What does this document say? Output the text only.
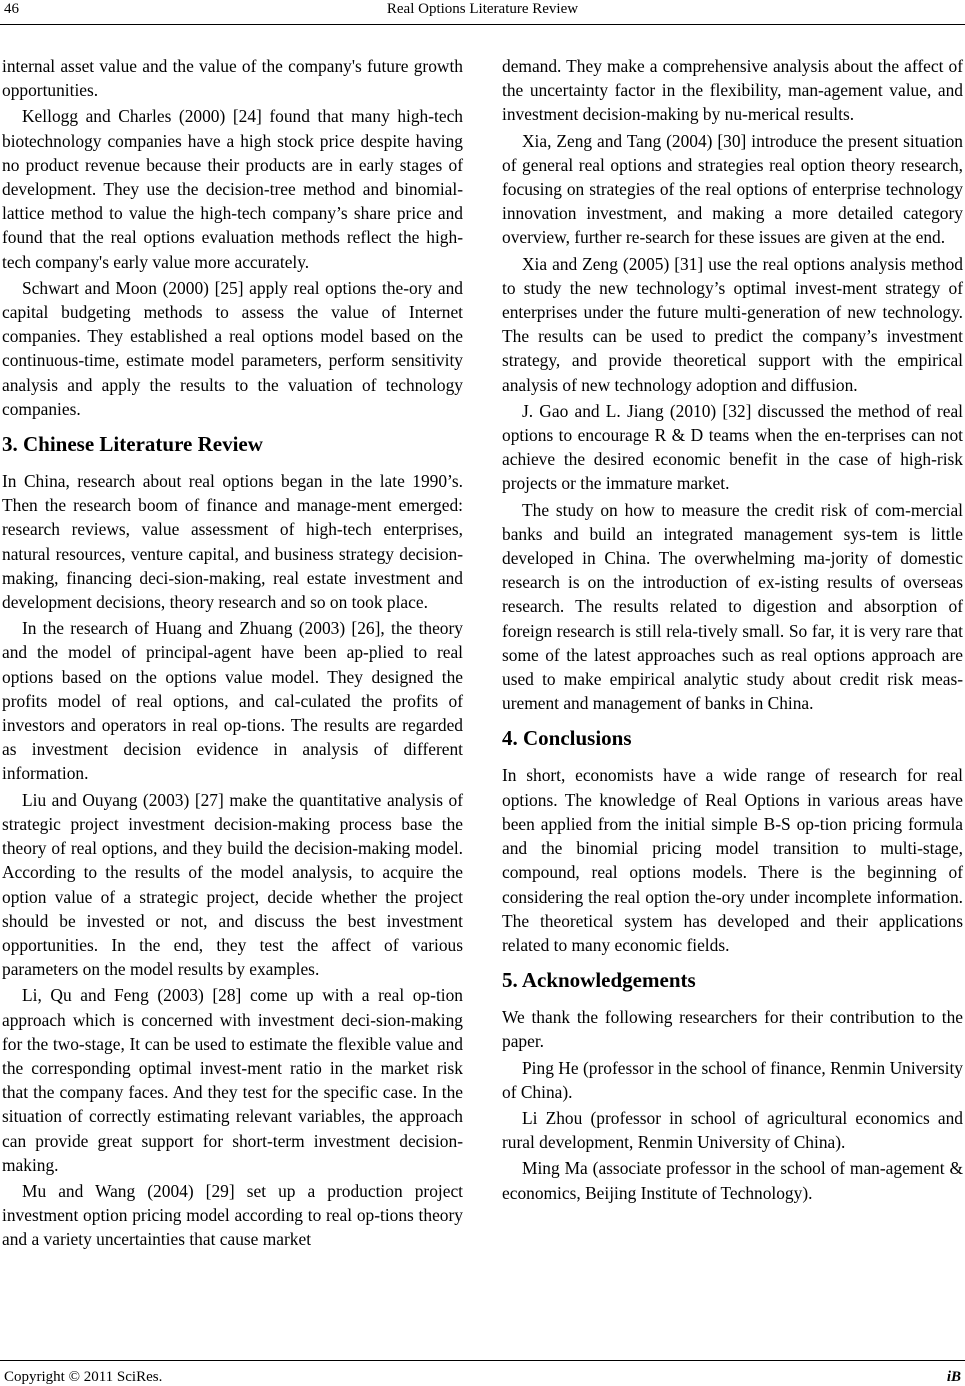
46	Real Options Literature Review

internal asset value and the value of the company's future growth opportunities.

Kellogg and Charles (2000) [24] found that many high-tech biotechnology companies have a high stock price despite having no product revenue because their products are in early stages of development. They use the decision-tree method and binomial-lattice method to value the high-tech company’s share price and found that the real options evaluation methods reflect the high-tech company's early value more accurately.

Schwart and Moon (2000) [25] apply real options the-ory and capital budgeting methods to assess the value of Internet companies. They established a real options model based on the continuous-time, estimate model parameters, perform sensitivity analysis and apply the results to the valuation of technology companies.

3. Chinese Literature Review

In China, research about real options began in the late 1990’s. Then the research boom of finance and manage-ment emerged: research reviews, value assessment of high-tech enterprises, natural resources, venture capital, and business strategy decision-making, financing deci-sion-making, real estate investment and development decisions, theory research and so on took place.

In the research of Huang and Zhuang (2003) [26], the theory and the model of principal-agent have been ap-plied to real options based on the options value model. They designed the profits model of real options, and cal-culated the profits of investors and operators in real op-tions. The results are regarded as investment decision evidence in analysis of different information.

Liu and Ouyang (2003) [27] make the quantitative analysis of strategic project investment decision-making process base the theory of real options, and they build the decision-making model. According to the results of the model analysis, to acquire the option value of a strategic project, decide whether the project should be invested or not, and discuss the best investment opportunities. In the end, they test the affect of various parameters on the model results by examples.

Li, Qu and Feng (2003) [28] come up with a real op-tion approach which is concerned with investment deci-sion-making for the two-stage, It can be used to estimate the flexible value and the corresponding optimal invest-ment ratio in the market risk that the company faces. And they test for the specific case. In the situation of correctly estimating relevant variables, the approach can provide great support for short-term investment decision-making.

Mu and Wang (2004) [29] set up a production project investment option pricing model according to real op-tions theory and a variety uncertainties that cause market

demand. They make a comprehensive analysis about the affect of the uncertainty factor in the flexibility, man-agement value, and investment decision-making by nu-merical results.

Xia, Zeng and Tang (2004) [30] introduce the present situation of general real options and strategies real option theory research, focusing on strategies of the real options of enterprise technology innovation investment, and making a more detailed category overview, further re-search for these issues are given at the end.

Xia and Zeng (2005) [31] use the real options analysis method to study the new technology’s optimal invest-ment strategy of enterprises under the future multi-generation of new technology. The results can be used to predict the company’s investment strategy, and provide theoretical support with the empirical analysis of new technology adoption and diffusion.

J. Gao and L. Jiang (2010) [32] discussed the method of real options to encourage R & D teams when the en-terprises can not achieve the desired economic benefit in the case of high-risk projects or the immature market.

The study on how to measure the credit risk of com-mercial banks and build an integrated management sys-tem is little developed in China. The overwhelming ma-jority of domestic research is on the introduction of ex-isting results of overseas research. The results related to digestion and absorption of foreign research is still rela-tively small. So far, it is very rare that some of the latest approaches such as real options approach are used to make empirical analytic study about credit risk meas-urement and management of banks in China.

4. Conclusions

In short, economists have a wide range of research for real options. The knowledge of Real Options in various areas have been applied from the initial simple B-S op-tion pricing formula and the binomial pricing model transition to multi-stage, compound, real options models. There is the beginning of considering the real option the-ory under incomplete information. The theoretical system has developed and their applications related to many economic fields.

5. Acknowledgements

We thank the following researchers for their contribution to the paper.

Ping He (professor in the school of finance, Renmin University of China).

Li Zhou (professor in school of agricultural economics and rural development, Renmin University of China).

Ming Ma (associate professor in the school of man-agement & economics, Beijing Institute of Technology).

Copyright © 2011 SciRes.	iB
